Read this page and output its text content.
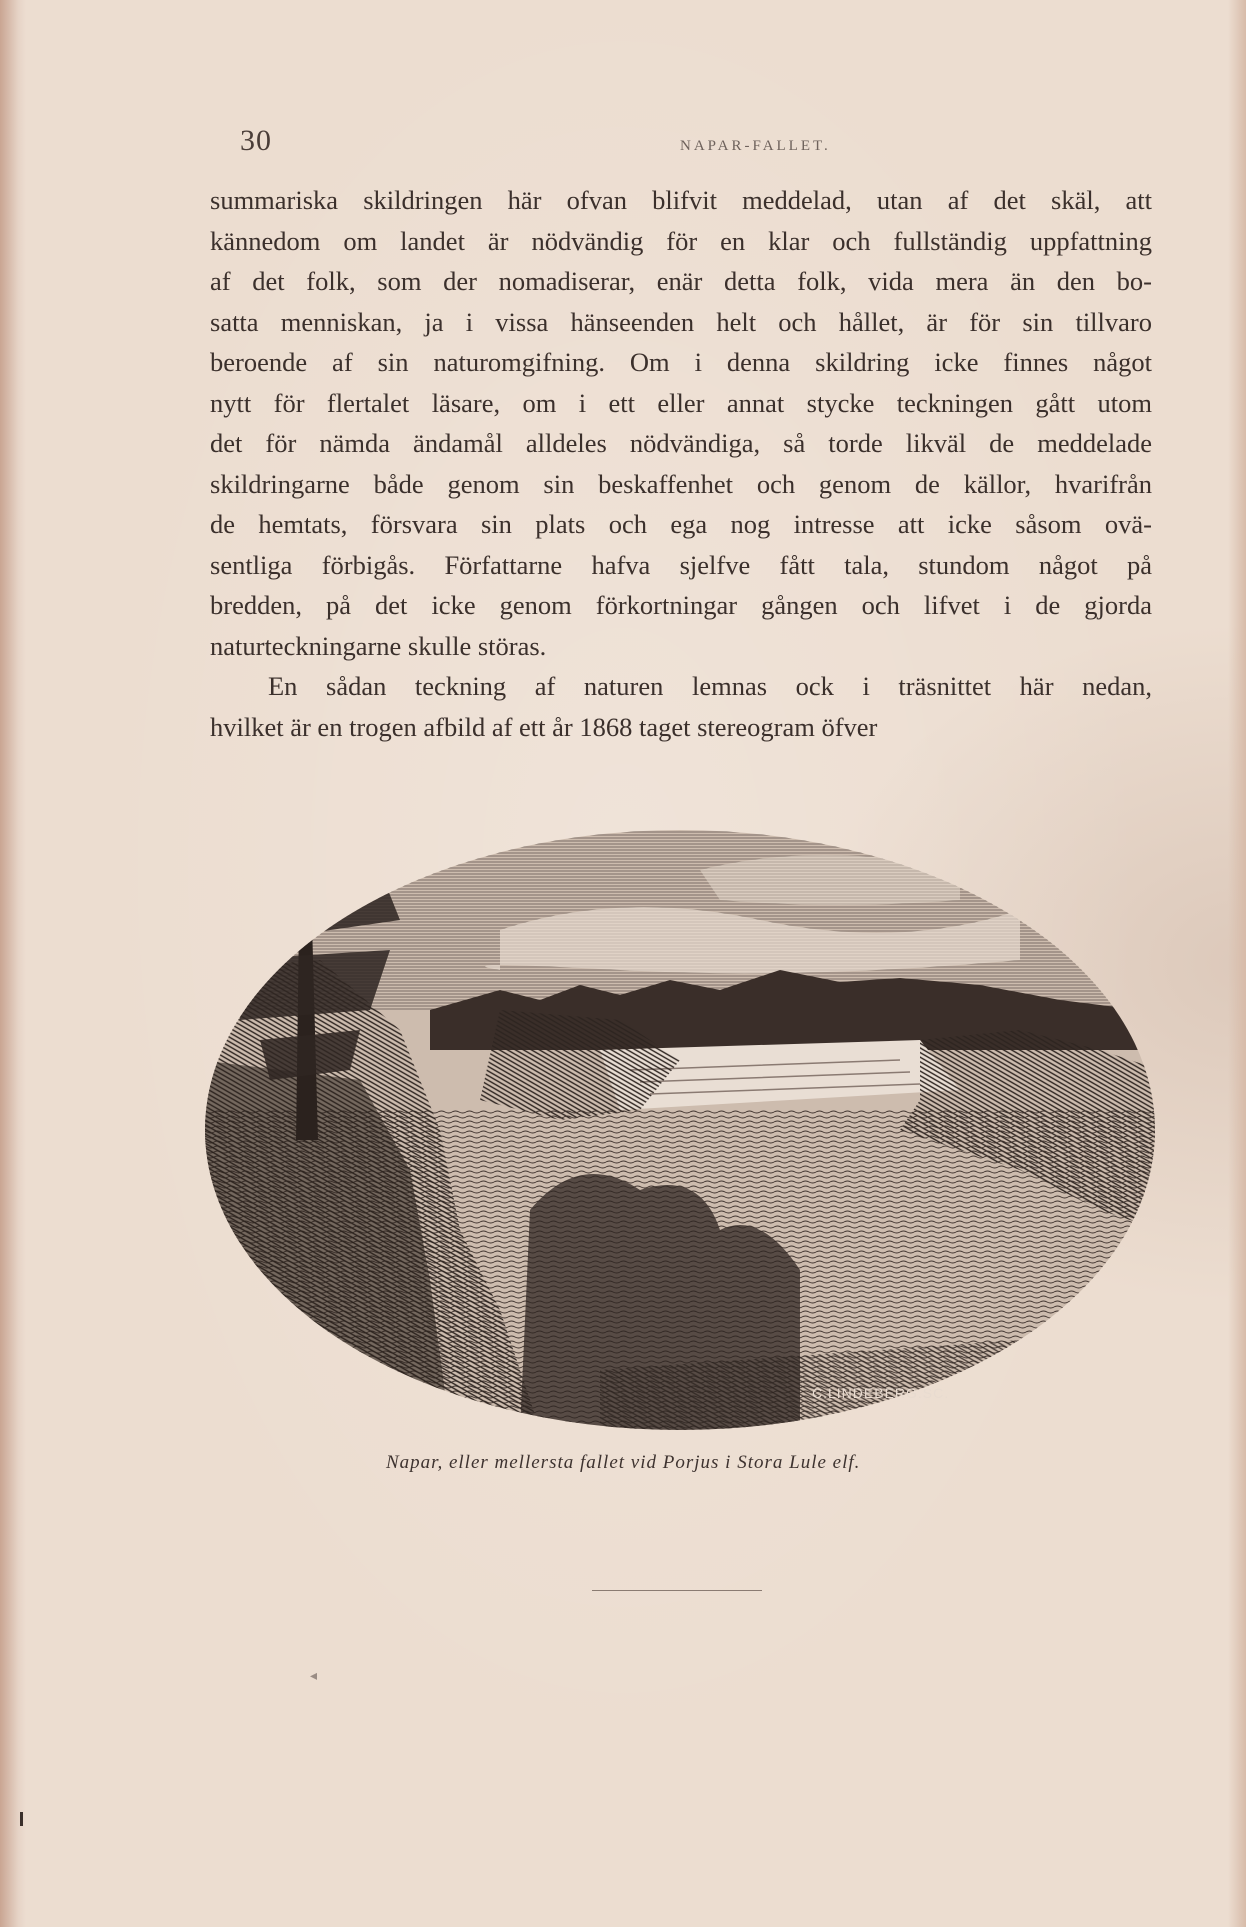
30	NAPAR-FALLET.

summariska skildringen här ofvan blifvit meddelad, utan af det skäl, att
kännedom om landet är nödvändig för en klar och fullständig uppfattning
af det folk, som der nomadiserar, enär detta folk, vida mera än den bo-
satta menniskan, ja i vissa hänseenden helt och hållet, är för sin tillvaro
beroende af sin naturomgifning. Om i denna skildring icke finnes något
nytt för flertalet läsare, om i ett eller annat stycke teckningen gått utom
det för nämda ändamål alldeles nödvändiga, så torde likväl de meddelade
skildringarne både genom sin beskaffenhet och genom de källor, hvarifrån
de hemtats, försvara sin plats och ega nog intresse att icke såsom ovä-
sentliga förbigås. Författarne hafva sjelfve fått tala, stundom något på
bredden, på det icke genom förkortningar gången och lifvet i de gjorda
naturteckningarne skulle störas.

En sådan teckning af naturen lemnas ock i träsnittet här nedan,
hvilket är en trogen afbild af ett år 1868 taget stereogram öfver

C.LINDEBERG.SC.
Napar, eller mellersta fallet vid Porjus i Stora Lule elf.
◂
